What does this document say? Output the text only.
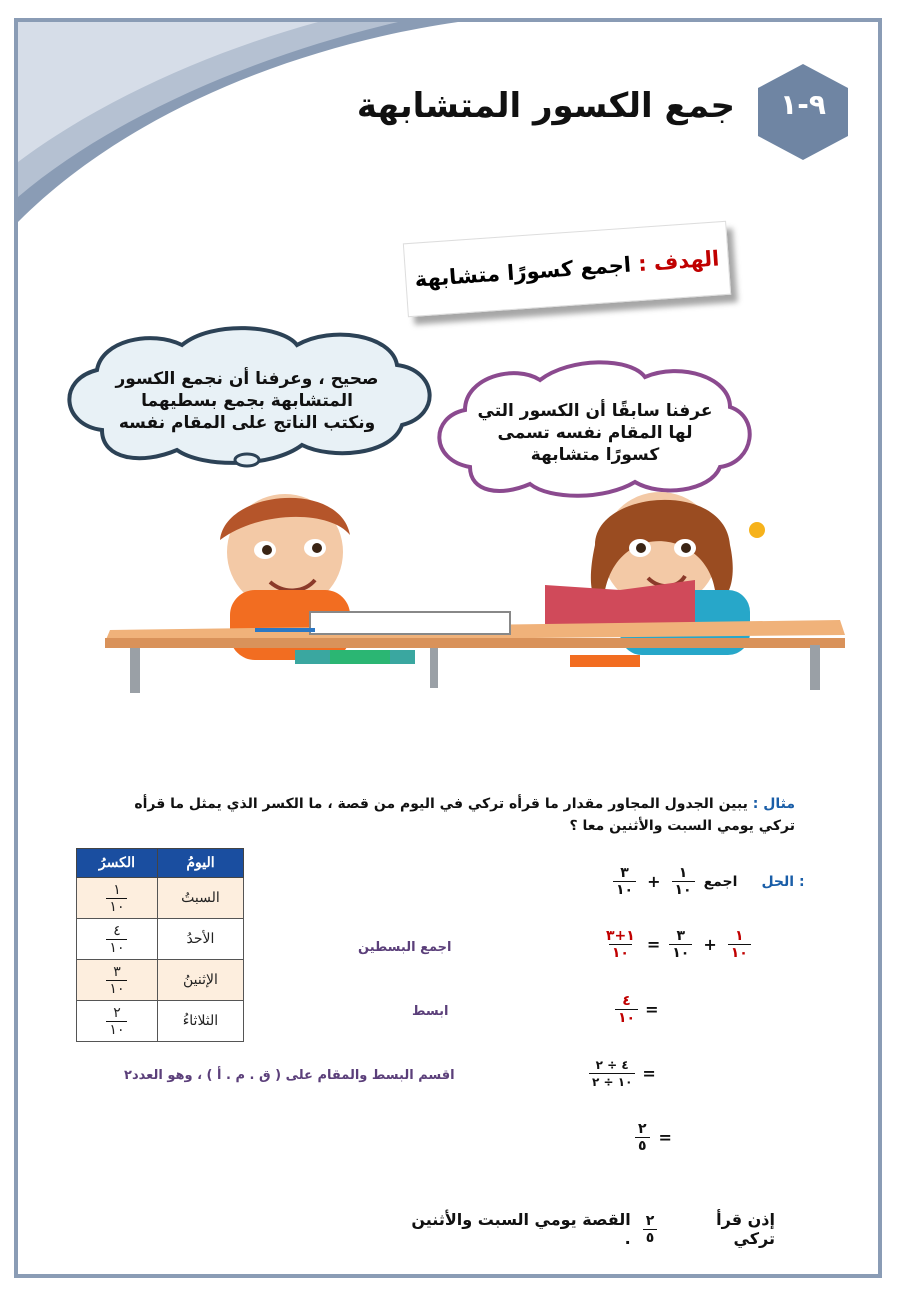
٩-١
جمع الكسور المتشابهة
الهدف : اجمع كسورًا متشابهة
صحيح ، وعرفنا أن نجمع الكسور
المتشابهة بجمع بسطيهما
ونكتب الناتج على المقام نفسه
عرفنا سابقًا أن الكسور التي
لها المقام نفسه تسمى
كسورًا متشابهة
مثال : يبين الجدول المجاور مقدار ما قرأه تركي في اليوم من قصة ، ما الكسر الذي يمثل ما قرأه تركي يومي السبت والأثنين معا ؟
اليومُ	الكسرُ
السبتُ	$\frac{١}{١٠}$

الأحدُ	$\frac{٤}{١٠}$

الإثنينُ	$\frac{٣}{١٠}$

الثلاثاءُ	$\frac{٢}{١٠}$
$\frac{٣}{١٠} + \frac{١}{١٠}$ اجمع الحل :
$\frac{١+٣}{١٠} = \frac{٣}{١٠} + \frac{١}{١٠}$
اجمع البسطين
$\frac{٤}{١٠}$ =
ابسط
$\frac{٤ \div ٢}{١٠ \div ٢}$ =
اقسم البسط والمقام على ( ق . م . أ ) ، وهو العدد٢
$\frac{٢}{٥}$ =
إذن قرأ تركي
$\frac{٢}{٥}$
القصة يومي السبت والأثنين .
